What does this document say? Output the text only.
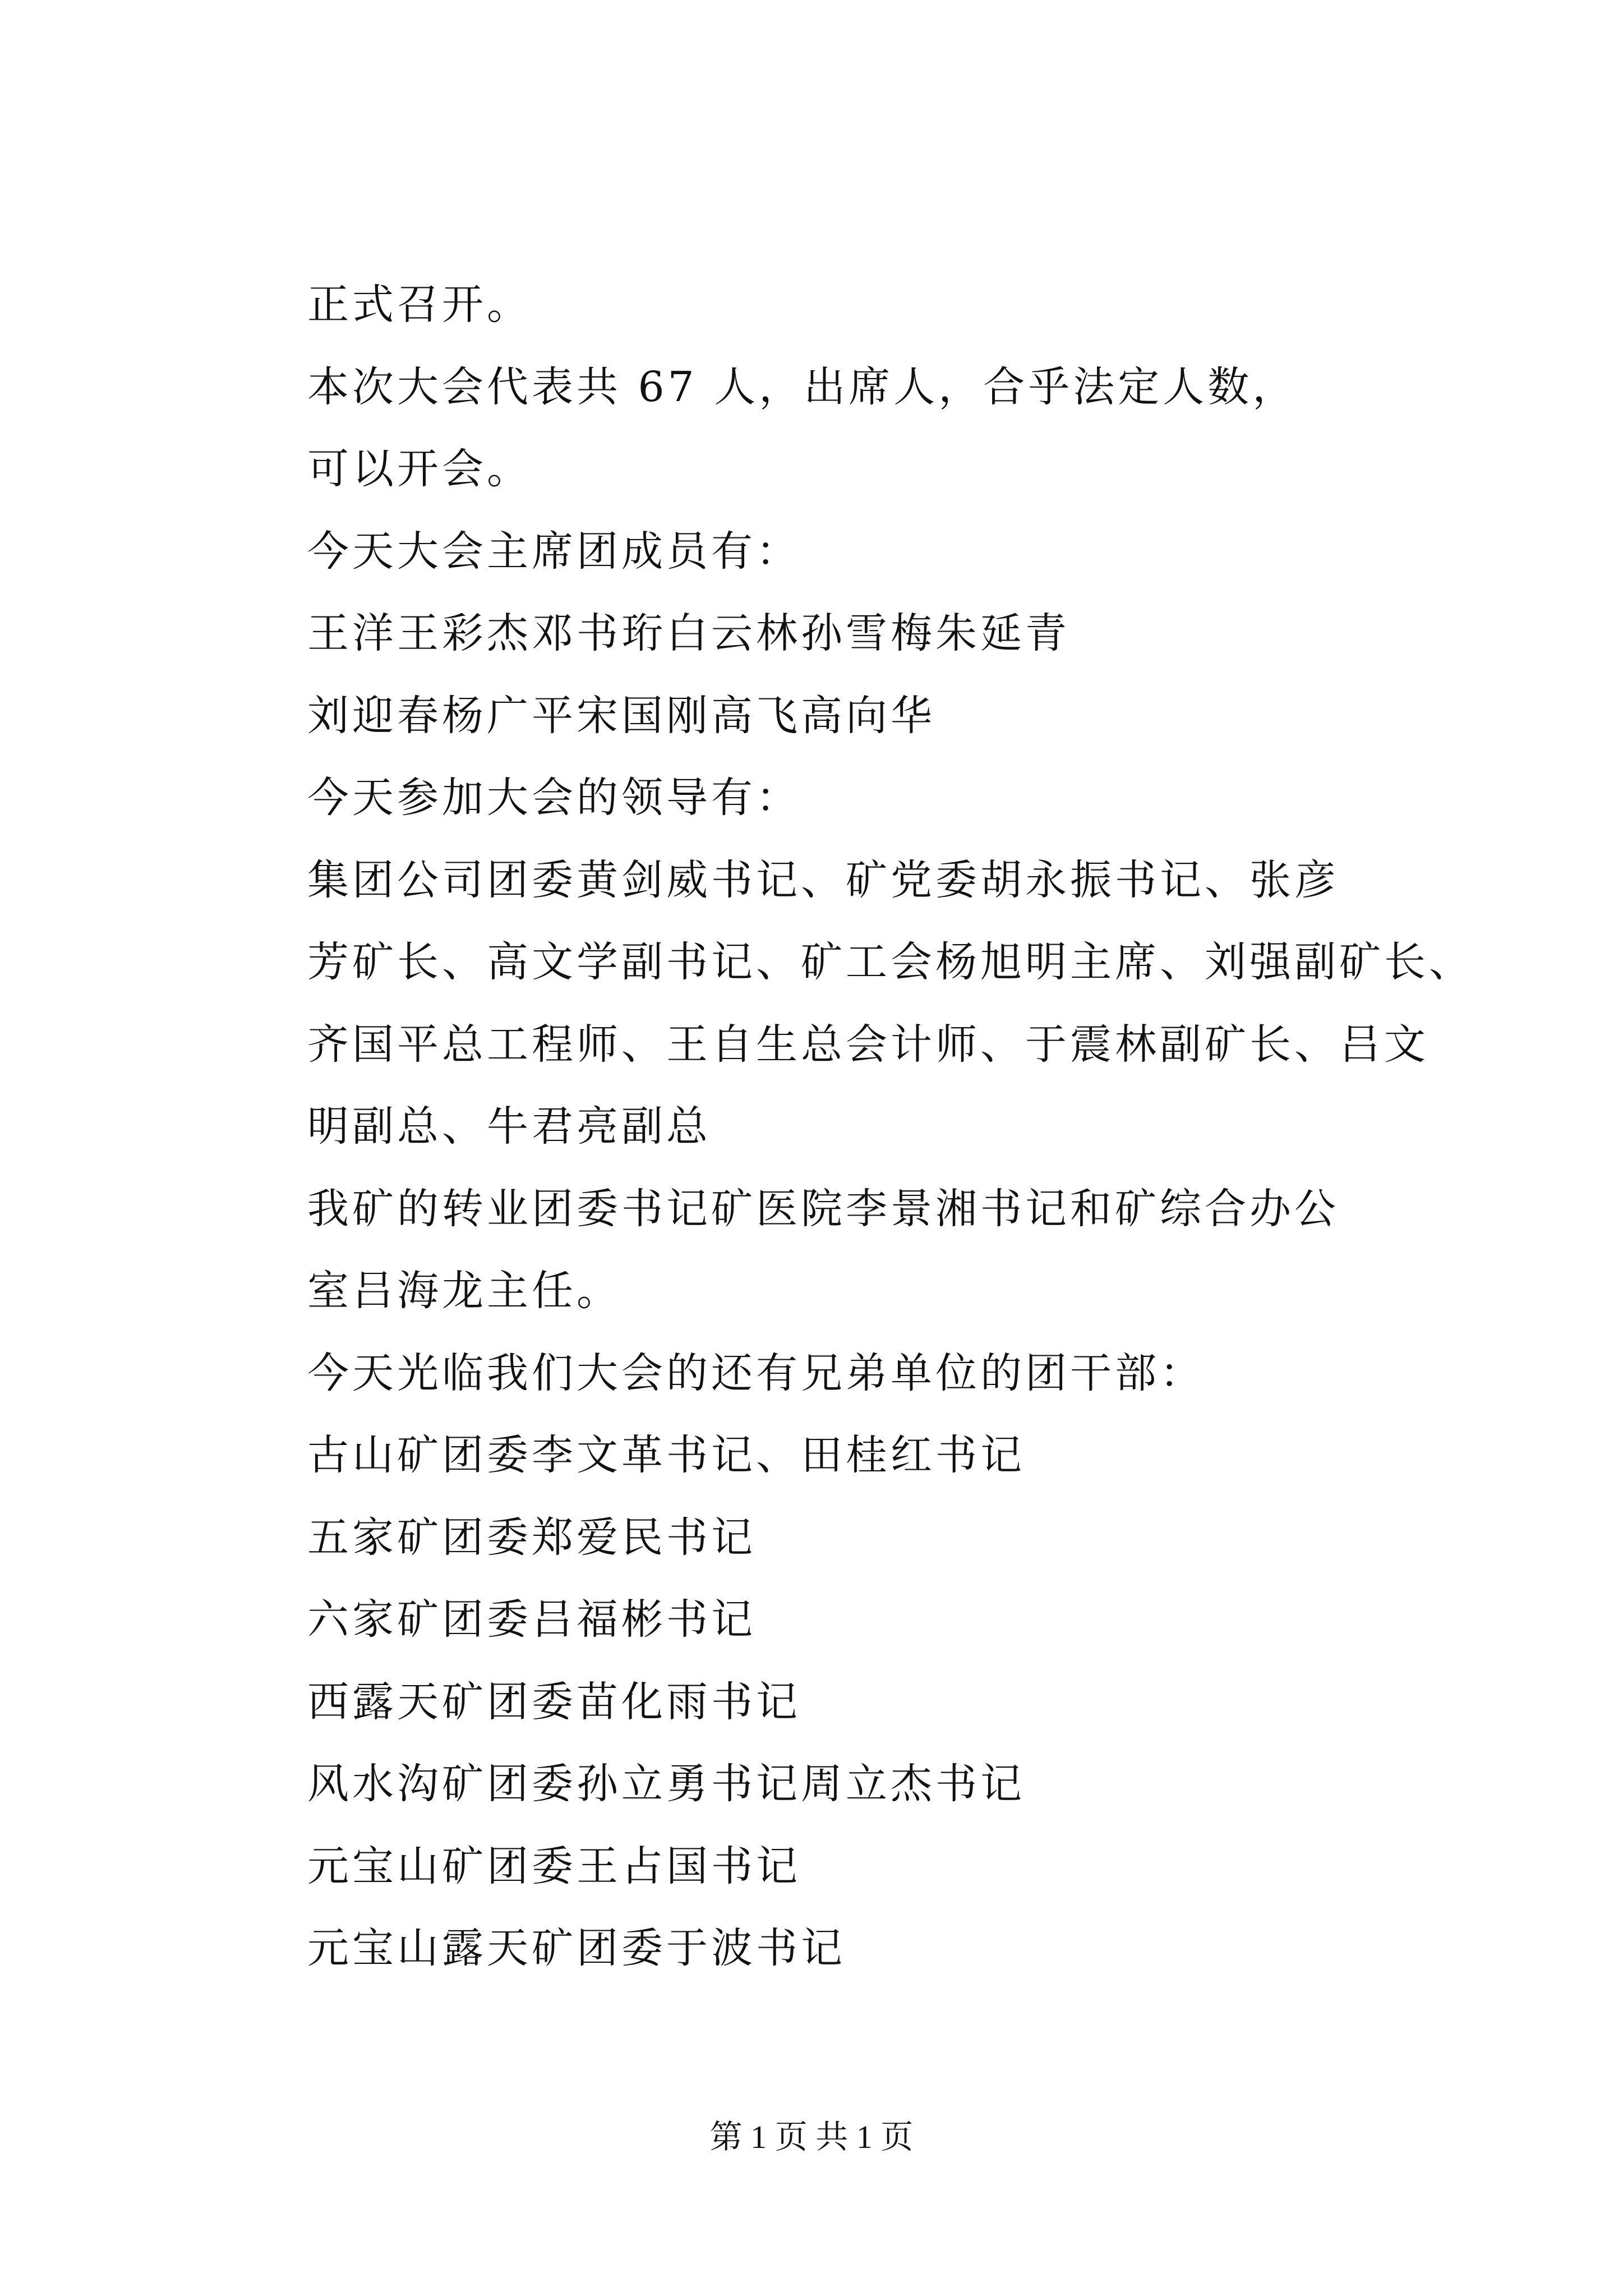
正式召开。

本次大会代表共 67 人，出席人，合乎法定人数，

可以开会。

今天大会主席团成员有：

王洋王彩杰邓书珩白云林孙雪梅朱延青

刘迎春杨广平宋国刚高飞高向华

今天参加大会的领导有：

集团公司团委黄剑威书记、矿党委胡永振书记、张彦

芳矿长、高文学副书记、矿工会杨旭明主席、刘强副矿长、

齐国平总工程师、王自生总会计师、于震林副矿长、吕文

明副总、牛君亮副总

我矿的转业团委书记矿医院李景湘书记和矿综合办公

室吕海龙主任。

今天光临我们大会的还有兄弟单位的团干部：

古山矿团委李文革书记、田桂红书记

五家矿团委郑爱民书记

六家矿团委吕福彬书记

西露天矿团委苗化雨书记

风水沟矿团委孙立勇书记周立杰书记

元宝山矿团委王占国书记

元宝山露天矿团委于波书记

第 1 页 共 1 页
